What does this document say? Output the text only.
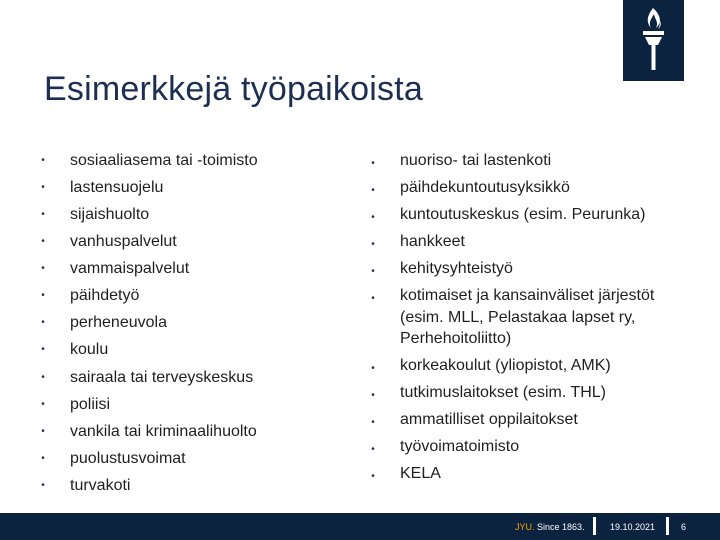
Esimerkkejä työpaikoista
• sosiaaliasema tai -toimisto
• lastensuojelu
• sijaishuolto
• vanhuspalvelut
• vammaispalvelut
• päihdetyö
• perheneuvola
• koulu
• sairaala tai terveyskeskus
• poliisi
• vankila tai kriminaalihuolto
• puolustusvoimat
• turvakoti
• nuoriso- tai lastenkoti
• päihdekuntoutusyksikkö
• kuntoutuskeskus (esim. Peurunka)
• hankkeet
• kehitysyhteistyö
• kotimaiset ja kansainväliset järjestöt (esim. MLL, Pelastakaa lapset ry, Perhehoitoliitto)
• korkeakoulut (yliopistot, AMK)
• tutkimuslaitokset (esim. THL)
• ammatilliset oppilaitokset
• työvoimatoimisto
• KELA
JYU. Since 1863.	19.10.2021	6
